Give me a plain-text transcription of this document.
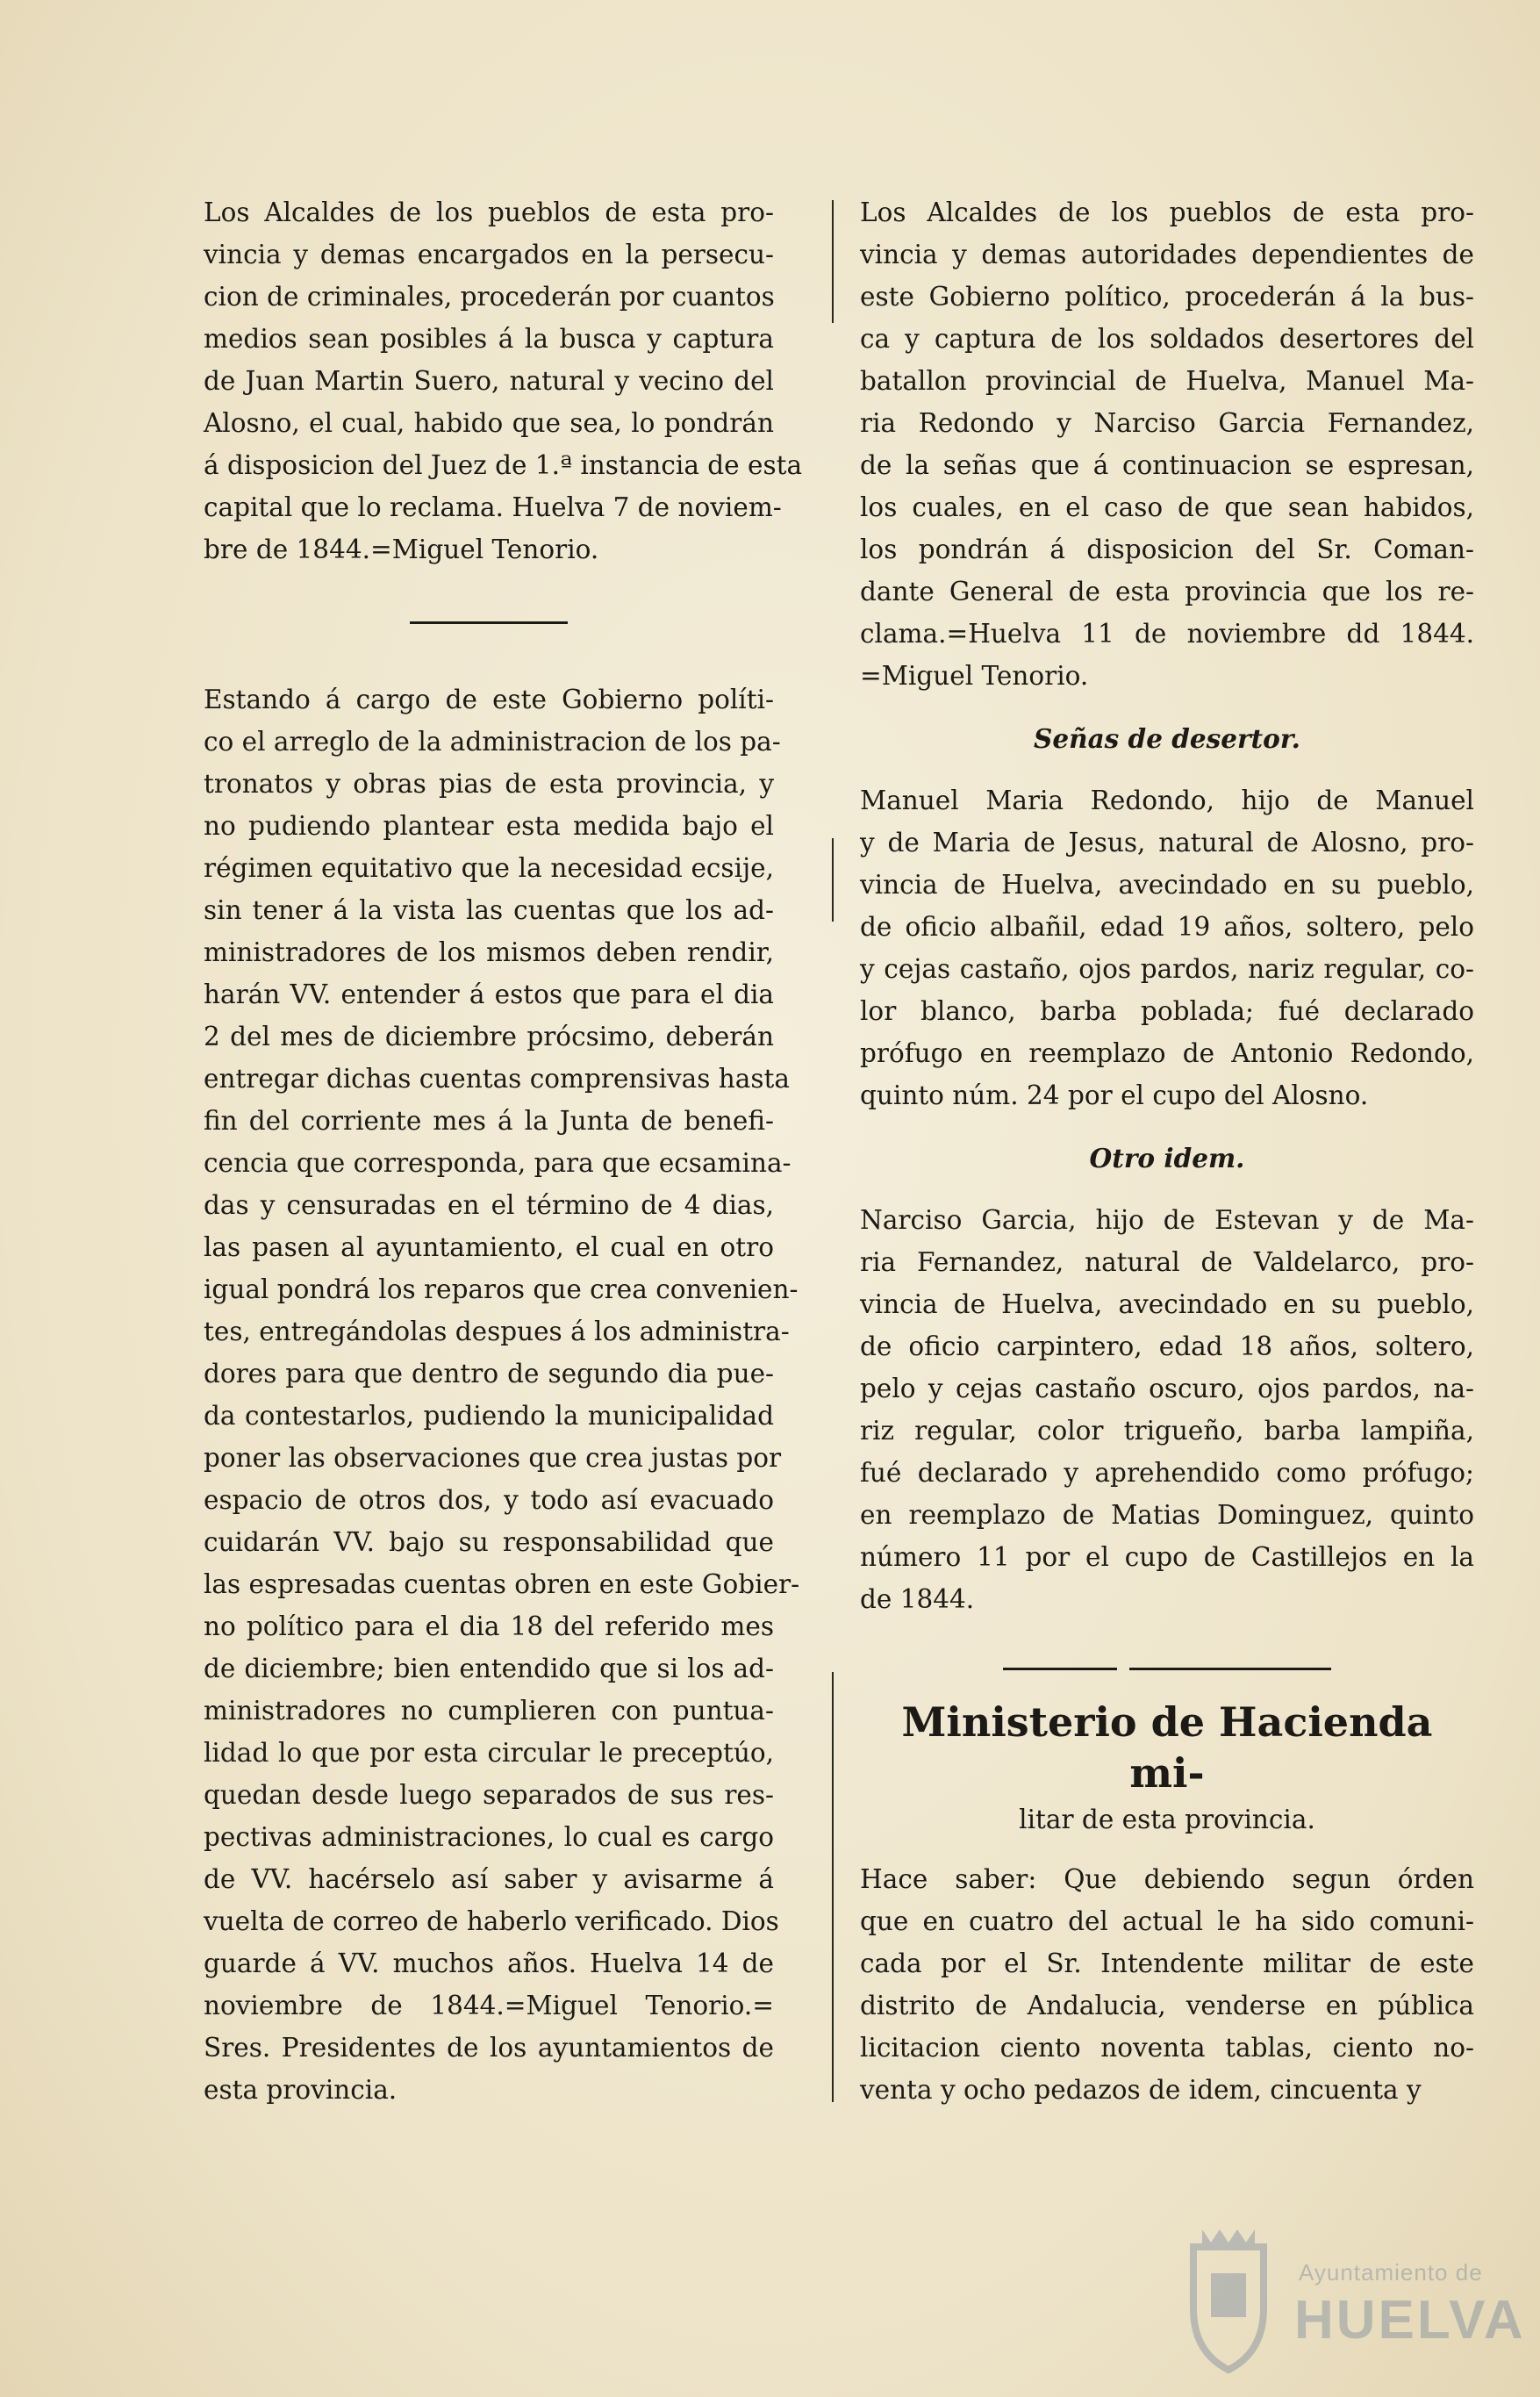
Los Alcaldes de los pueblos de esta pro-
vincia y demas encargados en la persecu-
cion de criminales, procederán por cuantos
medios sean posibles á la busca y captura
de Juan Martin Suero, natural y vecino del
Alosno, el cual, habido que sea, lo pondrán
á disposicion del Juez de 1.ª instancia de esta
capital que lo reclama. Huelva 7 de noviem-
bre de 1844.=Miguel Tenorio.

Estando á cargo de este Gobierno políti-
co el arreglo de la administracion de los pa-
tronatos y obras pias de esta provincia, y
no pudiendo plantear esta medida bajo el
régimen equitativo que la necesidad ecsije,
sin tener á la vista las cuentas que los ad-
ministradores de los mismos deben rendir,
harán VV. entender á estos que para el dia
2 del mes de diciembre prócsimo, deberán
entregar dichas cuentas comprensivas hasta
fin del corriente mes á la Junta de benefi-
cencia que corresponda, para que ecsamina-
das y censuradas en el término de 4 dias,
las pasen al ayuntamiento, el cual en otro
igual pondrá los reparos que crea convenien-
tes, entregándolas despues á los administra-
dores para que dentro de segundo dia pue-
da contestarlos, pudiendo la municipalidad
poner las observaciones que crea justas por
espacio de otros dos, y todo así evacuado
cuidarán VV. bajo su responsabilidad que
las espresadas cuentas obren en este Gobier-
no político para el dia 18 del referido mes
de diciembre; bien entendido que si los ad-
ministradores no cumplieren con puntua-
lidad lo que por esta circular le preceptúo,
quedan desde luego separados de sus res-
pectivas administraciones, lo cual es cargo
de VV. hacérselo así saber y avisarme á
vuelta de correo de haberlo verificado. Dios
guarde á VV. muchos años. Huelva 14 de
noviembre de 1844.=Miguel Tenorio.=
Sres. Presidentes de los ayuntamientos de
esta provincia.

Los Alcaldes de los pueblos de esta pro-
vincia y demas autoridades dependientes de
este Gobierno político, procederán á la bus-
ca y captura de los soldados desertores del
batallon provincial de Huelva, Manuel Ma-
ria Redondo y Narciso Garcia Fernandez,
de la señas que á continuacion se espresan,
los cuales, en el caso de que sean habidos,
los pondrán á disposicion del Sr. Coman-
dante General de esta provincia que los re-
clama.=Huelva 11 de noviembre dd 1844.
=Miguel Tenorio.

Señas de desertor.

Manuel Maria Redondo, hijo de Manuel
y de Maria de Jesus, natural de Alosno, pro-
vincia de Huelva, avecindado en su pueblo,
de oficio albañil, edad 19 años, soltero, pelo
y cejas castaño, ojos pardos, nariz regular, co-
lor blanco, barba poblada; fué declarado
prófugo en reemplazo de Antonio Redondo,
quinto núm. 24 por el cupo del Alosno.

Otro idem.

Narciso Garcia, hijo de Estevan y de Ma-
ria Fernandez, natural de Valdelarco, pro-
vincia de Huelva, avecindado en su pueblo,
de oficio carpintero, edad 18 años, soltero,
pelo y cejas castaño oscuro, ojos pardos, na-
riz regular, color trigueño, barba lampiña,
fué declarado y aprehendido como prófugo;
en reemplazo de Matias Dominguez, quinto
número 11 por el cupo de Castillejos en la
de 1844.

Ministerio de Hacienda mi-
litar de esta provincia.

Hace saber: Que debiendo segun órden
que en cuatro del actual le ha sido comuni-
cada por el Sr. Intendente militar de este
distrito de Andalucia, venderse en pública
licitacion ciento noventa tablas, ciento no-
venta y ocho pedazos de idem, cincuenta y

Ayuntamiento de
HUELVA
